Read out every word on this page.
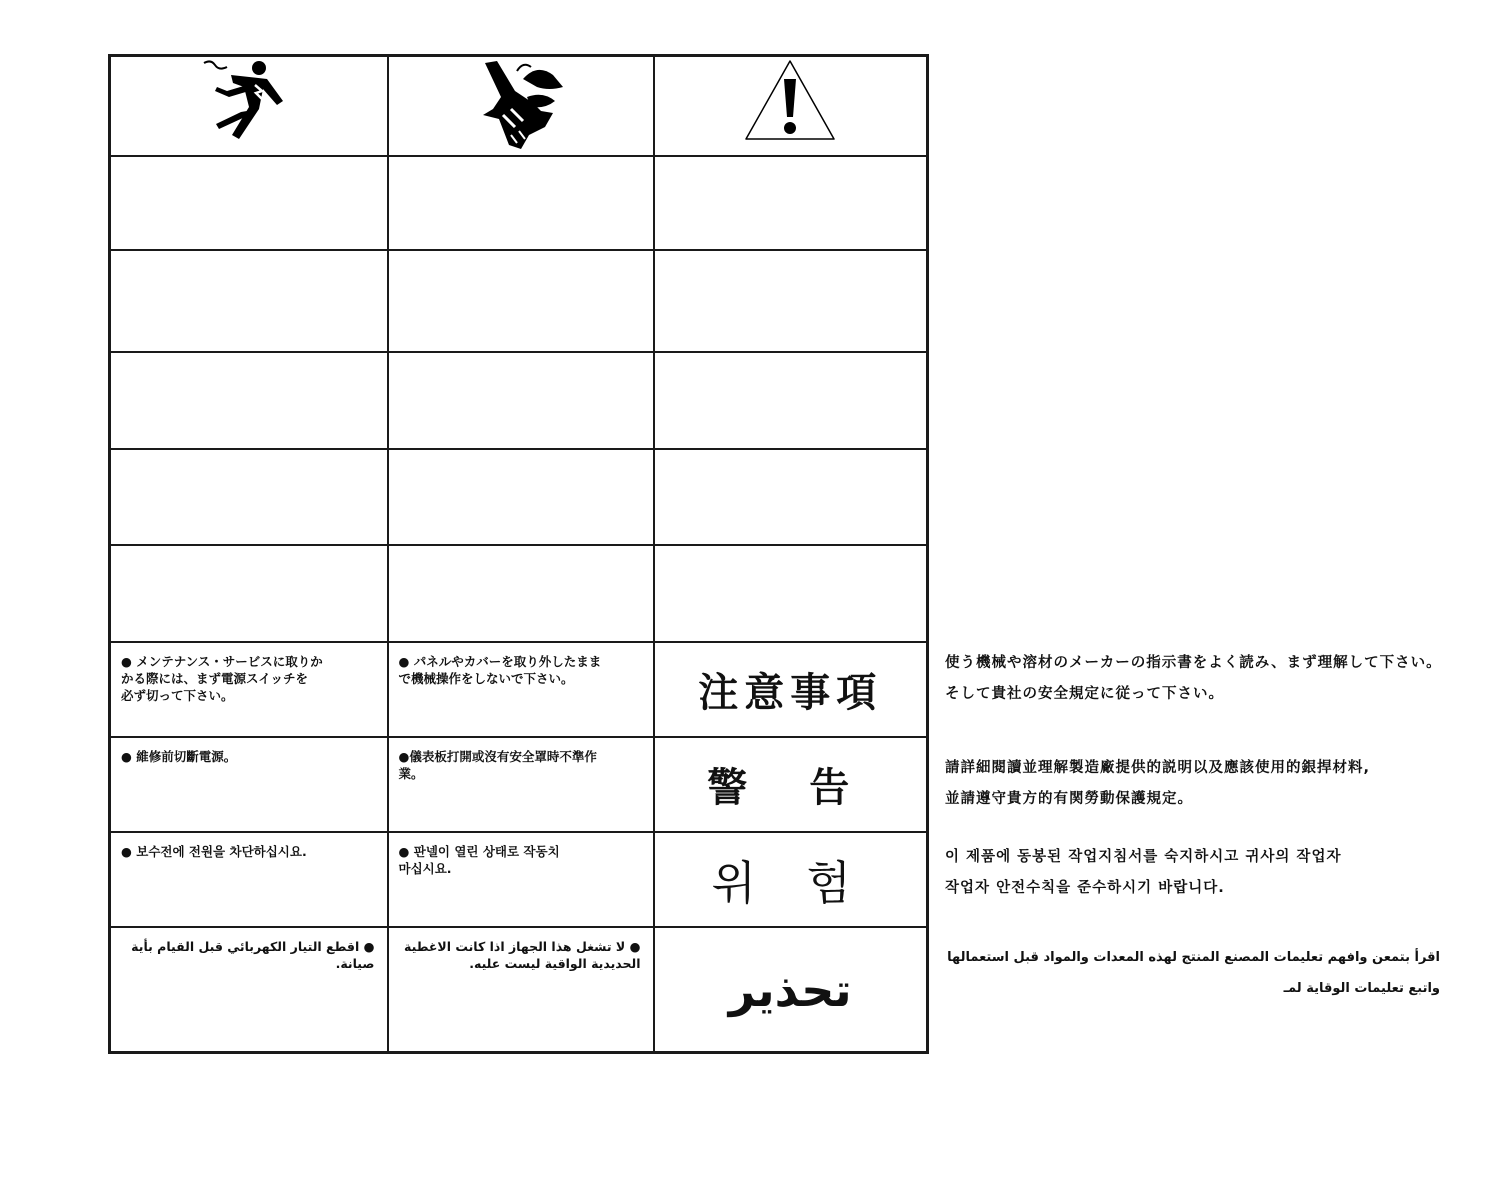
● メンテナンス・サービスに取りか
かる際には、まず電源スイッチを
必ず切って下さい。	● パネルやカバーを取り外したまま
で機械操作をしないで下さい。	注意事項

● 維修前切斷電源。	●儀表板打開或沒有安全罩時不準作
業。	警 告

● 보수전에 전원을 차단하십시요.	● 판넬이 열린 상태로 작동치
마십시요.	위 험

● اقطع التيار الكهربائي قبل القيام بأية صيانة.	● لا تشغل هذا الجهاز اذا كانت الاغطية
الحديدية الواقية ليست عليه.	تحذير
使う機械や溶材のメーカーの指示書をよく読み、まず理解して下さい。
そして貴社の安全規定に従って下さい。
請詳細閱讀並理解製造廠提供的説明以及應該使用的銀捍材料,
並請遵守貴方的有関勞動保護規定。
이 제품에 동봉된 작업지침서를 숙지하시고 귀사의 작업자
작업자 안전수칙을 준수하시기 바랍니다.
اقرأ بتمعن وافهم تعليمات المصنع المنتج لهذه المعدات والمواد قبل استعمالها واتبع تعليمات الوقاية لمـ
